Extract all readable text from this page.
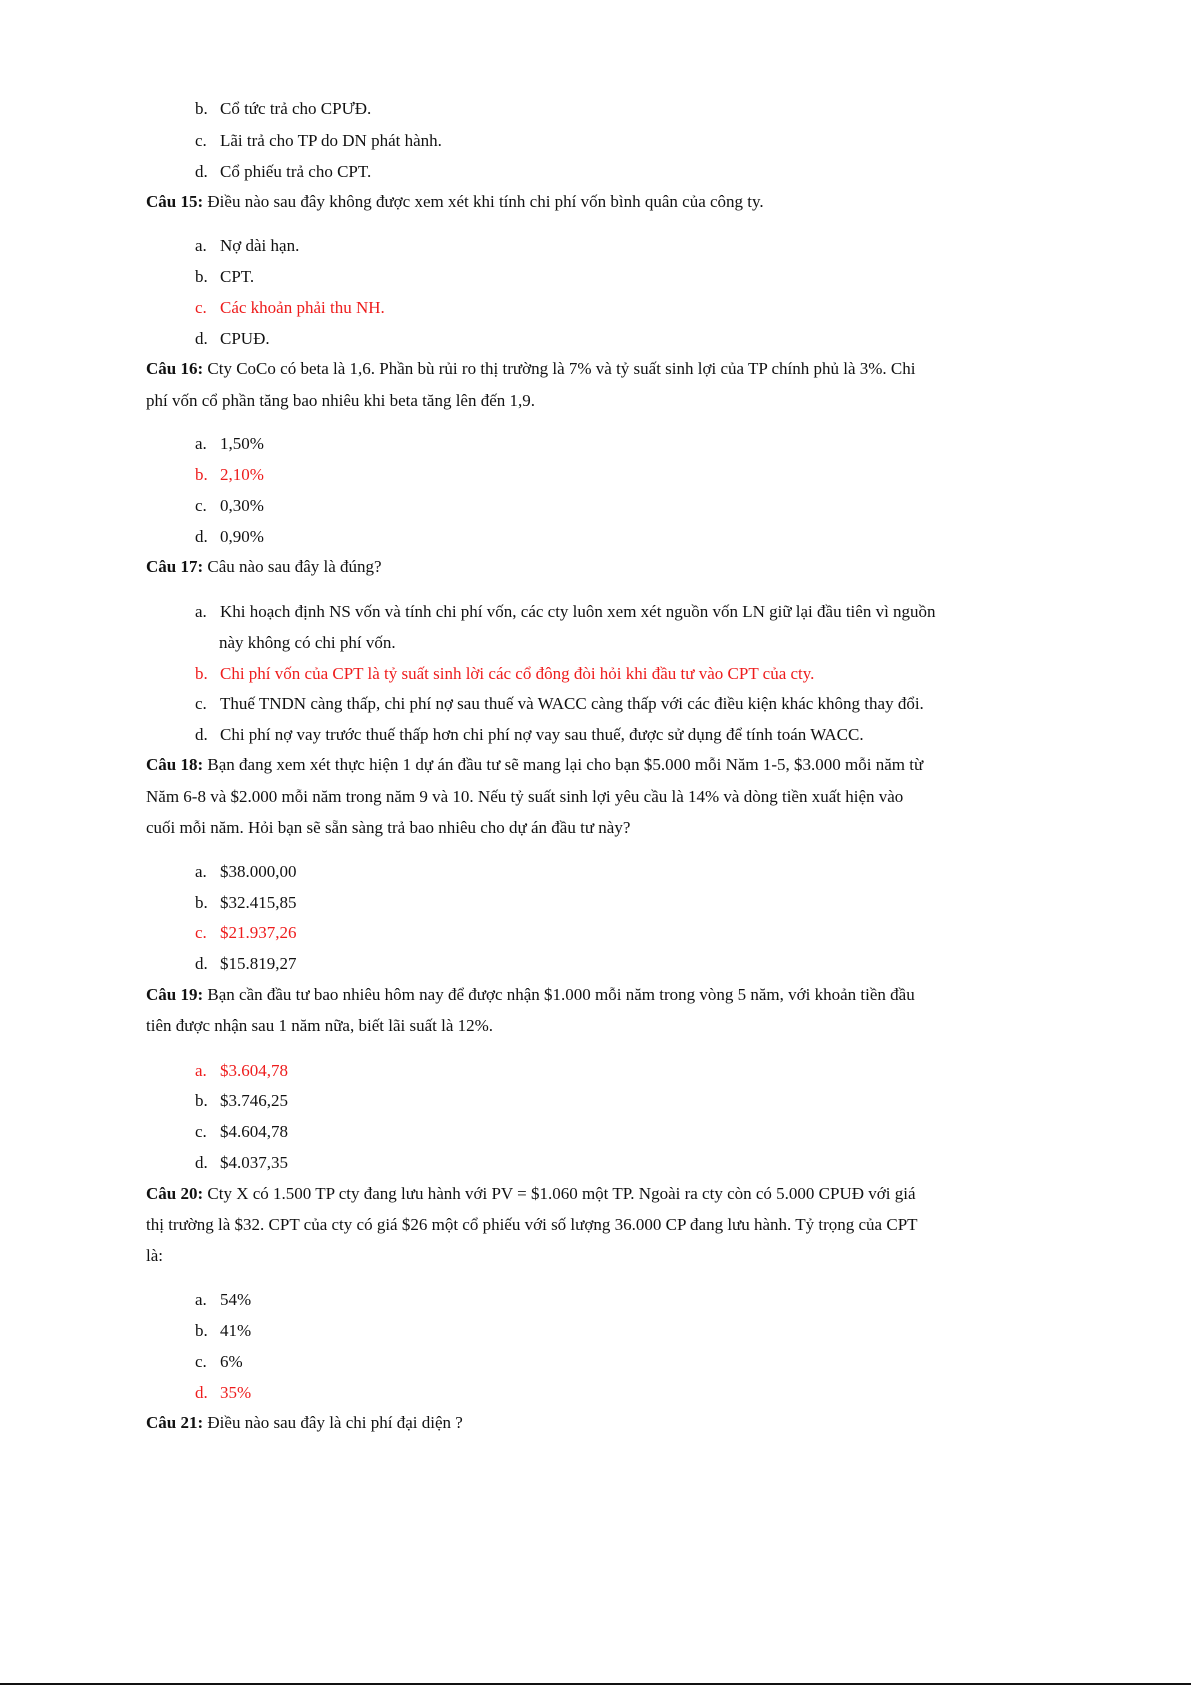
b. Cổ tức trả cho CPƯĐ.
c. Lãi trả cho TP do DN phát hành.
d. Cổ phiếu trả cho CPT.
Câu 15: Điều nào sau đây không được xem xét khi tính chi phí vốn bình quân của công ty.
a. Nợ dài hạn.
b. CPT.
c. Các khoản phải thu NH.
d. CPUĐ.
Câu 16: Cty CoCo có beta là 1,6. Phần bù rủi ro thị trường là 7% và tỷ suất sinh lợi của TP chính phủ là 3%. Chi
phí vốn cổ phần tăng bao nhiêu khi beta tăng lên đến 1,9.
a. 1,50%
b. 2,10%
c. 0,30%
d. 0,90%
Câu 17: Câu nào sau đây là đúng?
a. Khi hoạch định NS vốn và tính chi phí vốn, các cty luôn xem xét nguồn vốn LN giữ lại đầu tiên vì nguồn
này không có chi phí vốn.
b. Chi phí vốn của CPT là tỷ suất sinh lời các cổ đông đòi hỏi khi đầu tư vào CPT của cty.
c. Thuế TNDN càng thấp, chi phí nợ sau thuế và WACC càng thấp với các điều kiện khác không thay đổi.
d. Chi phí nợ vay trước thuế thấp hơn chi phí nợ vay sau thuế, được sử dụng để tính toán WACC.
Câu 18: Bạn đang xem xét thực hiện 1 dự án đầu tư sẽ mang lại cho bạn $5.000 mỗi Năm 1-5, $3.000 mỗi năm từ
Năm 6-8 và $2.000 mỗi năm trong năm 9 và 10. Nếu tỷ suất sinh lợi yêu cầu là 14% và dòng tiền xuất hiện vào
cuối mỗi năm. Hỏi bạn sẽ sẵn sàng trả bao nhiêu cho dự án đầu tư này?
a. $38.000,00
b. $32.415,85
c. $21.937,26
d. $15.819,27
Câu 19: Bạn cần đầu tư bao nhiêu hôm nay để được nhận $1.000 mỗi năm trong vòng 5 năm, với khoản tiền đầu
tiên được nhận sau 1 năm nữa, biết lãi suất là 12%.
a. $3.604,78
b. $3.746,25
c. $4.604,78
d. $4.037,35
Câu 20: Cty X có 1.500 TP cty đang lưu hành với PV = $1.060 một TP. Ngoài ra cty còn có 5.000 CPUĐ với giá
thị trường là $32. CPT của cty có giá $26 một cổ phiếu với số lượng 36.000 CP đang lưu hành. Tỷ trọng của CPT
là:
a. 54%
b. 41%
c. 6%
d. 35%
Câu 21: Điều nào sau đây là chi phí đại diện ?
